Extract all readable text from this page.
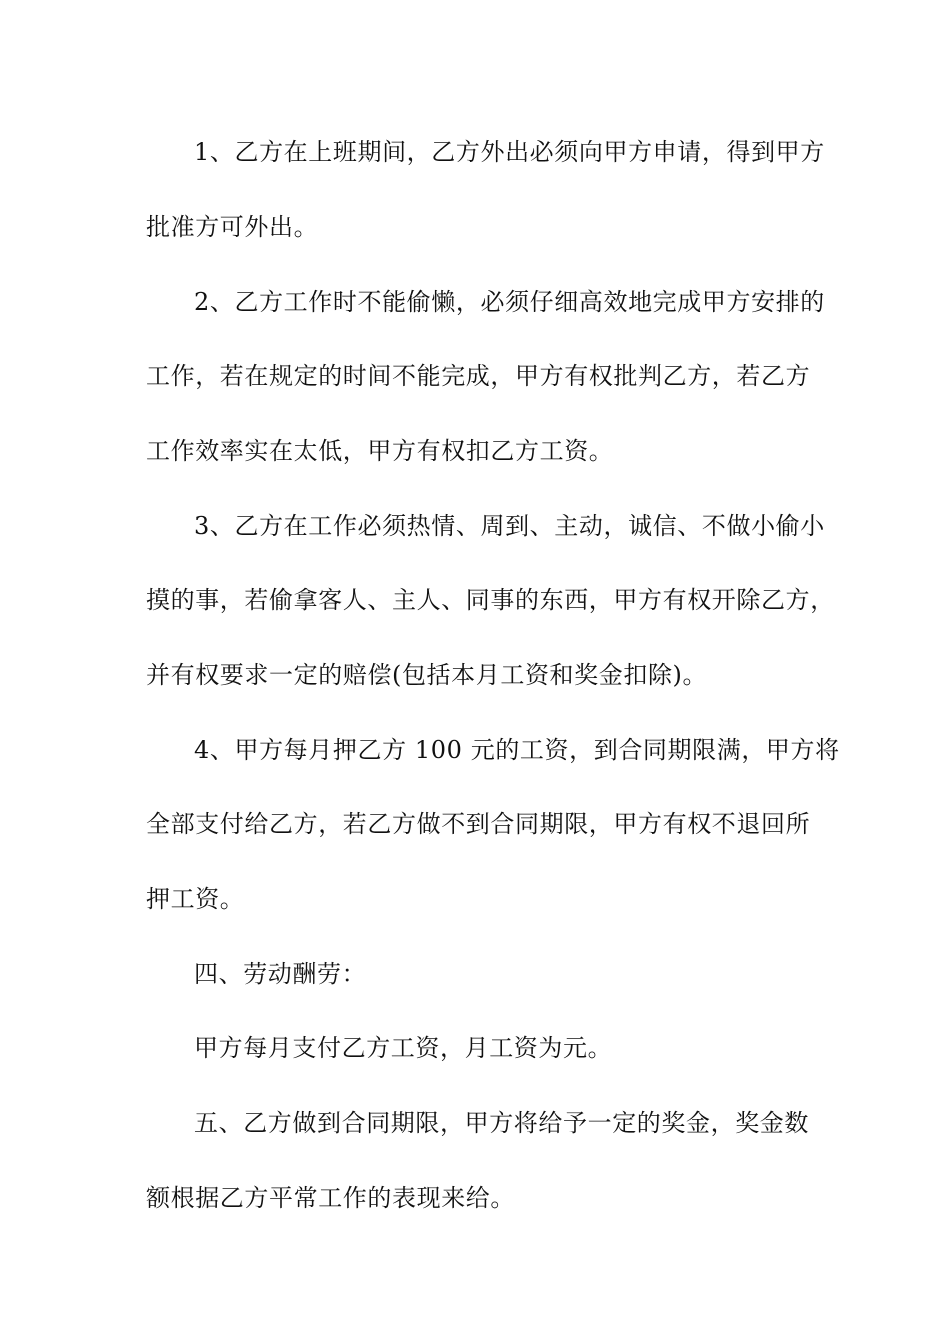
1、乙方在上班期间，乙方外出必须向甲方申请，得到甲方
批准方可外出。
2、乙方工作时不能偷懒，必须仔细高效地完成甲方安排的
工作，若在规定的时间不能完成，甲方有权批判乙方，若乙方
工作效率实在太低，甲方有权扣乙方工资。
3、乙方在工作必须热情、周到、主动，诚信、不做小偷小
摸的事，若偷拿客人、主人、同事的东西，甲方有权开除乙方，
并有权要求一定的赔偿(包括本月工资和奖金扣除)。
4、甲方每月押乙方 100 元的工资，到合同期限满，甲方将
全部支付给乙方，若乙方做不到合同期限，甲方有权不退回所
押工资。
四、劳动酬劳：
甲方每月支付乙方工资，月工资为元。
五、乙方做到合同期限，甲方将给予一定的奖金，奖金数
额根据乙方平常工作的表现来给。
